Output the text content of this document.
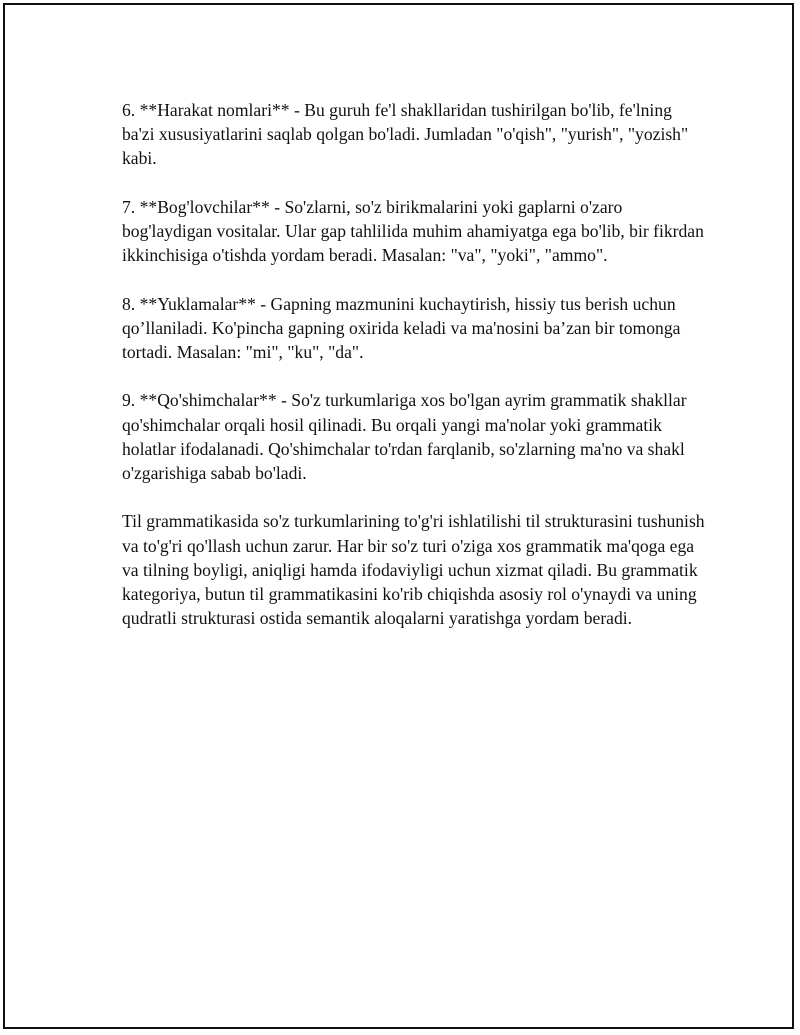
6. **Harakat nomlari** - Bu guruh fe'l shakllaridan tushirilgan bo'lib, fe'lning ba'zi xususiyatlarini saqlab qolgan bo'ladi. Jumladan "o'qish", "yurish", "yozish" kabi.

7. **Bog'lovchilar** - So'zlarni, so'z birikmalarini yoki gaplarni o'zaro bog'laydigan vositalar. Ular gap tahlilida muhim ahamiyatga ega bo'lib, bir fikrdan ikkinchisiga o'tishda yordam beradi. Masalan: "va", "yoki", "ammo".

8. **Yuklamalar** - Gapning mazmunini kuchaytirish, hissiy tus berish uchun qo’llaniladi. Ko'pincha gapning oxirida keladi va ma'nosini ba’zan bir tomonga tortadi. Masalan: "mi", "ku", "da".

9. **Qo'shimchalar** - So'z turkumlariga xos bo'lgan ayrim grammatik shakllar qo'shimchalar orqali hosil qilinadi. Bu orqali yangi ma'nolar yoki grammatik holatlar ifodalanadi. Qo'shimchalar to'rdan farqlanib, so'zlarning ma'no va shakl o'zgarishiga sabab bo'ladi.

Til grammatikasida so'z turkumlarining to'g'ri ishlatilishi til strukturasini tushunish va to'g'ri qo'llash uchun zarur. Har bir so'z turi o'ziga xos grammatik ma'qoga ega va tilning boyligi, aniqligi hamda ifodaviyligi uchun xizmat qiladi. Bu grammatik kategoriya, butun til grammatikasini ko'rib chiqishda asosiy rol o'ynaydi va uning qudratli strukturasi ostida semantik aloqalarni yaratishga yordam beradi.
